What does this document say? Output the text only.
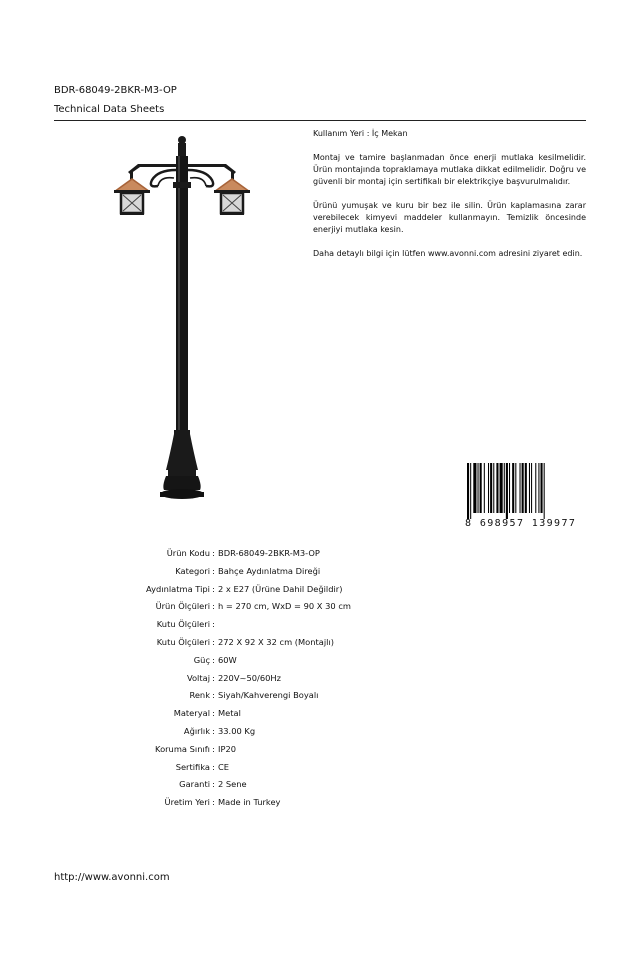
BDR-68049-2BKR-M3-OP
Technical Data Sheets

Kullanım Yeri : İç Mekan

Montaj ve tamire başlanmadan önce enerji mutlaka kesilmelidir. Ürün montajında topraklamaya mutlaka dikkat edilmelidir. Doğru ve güvenli bir montaj için sertifikalı bir elektrikçiye başvurulmalıdır.

Ürünü yumuşak ve kuru bir bez ile silin. Ürün kaplamasına zarar verebilecek kimyevi maddeler kullanmayın. Temizlik öncesinde enerjiyi mutlaka kesin.

Daha detaylı bilgi için lütfen www.avonni.com adresini ziyaret edin.

8 698957 139977
Ürün Kodu : BDR-68049-2BKR-M3-OP
Kategori : Bahçe Aydınlatma Direği
Aydınlatma Tipi : 2 x E27 (Ürüne Dahil Değildir)
Ürün Ölçüleri : h = 270 cm, WxD = 90 X 30 cm
Kutu Ölçüleri :
Kutu Ölçüleri : 272 X 92 X 32 cm (Montajlı)
Güç : 60W
Voltaj : 220V~50/60Hz
Renk : Siyah/Kahverengi Boyalı
Materyal : Metal
Ağırlık : 33.00 Kg
Koruma Sınıfı : IP20
Sertifika : CE
Garanti : 2 Sene
Üretim Yeri : Made in Turkey
http://www.avonni.com
